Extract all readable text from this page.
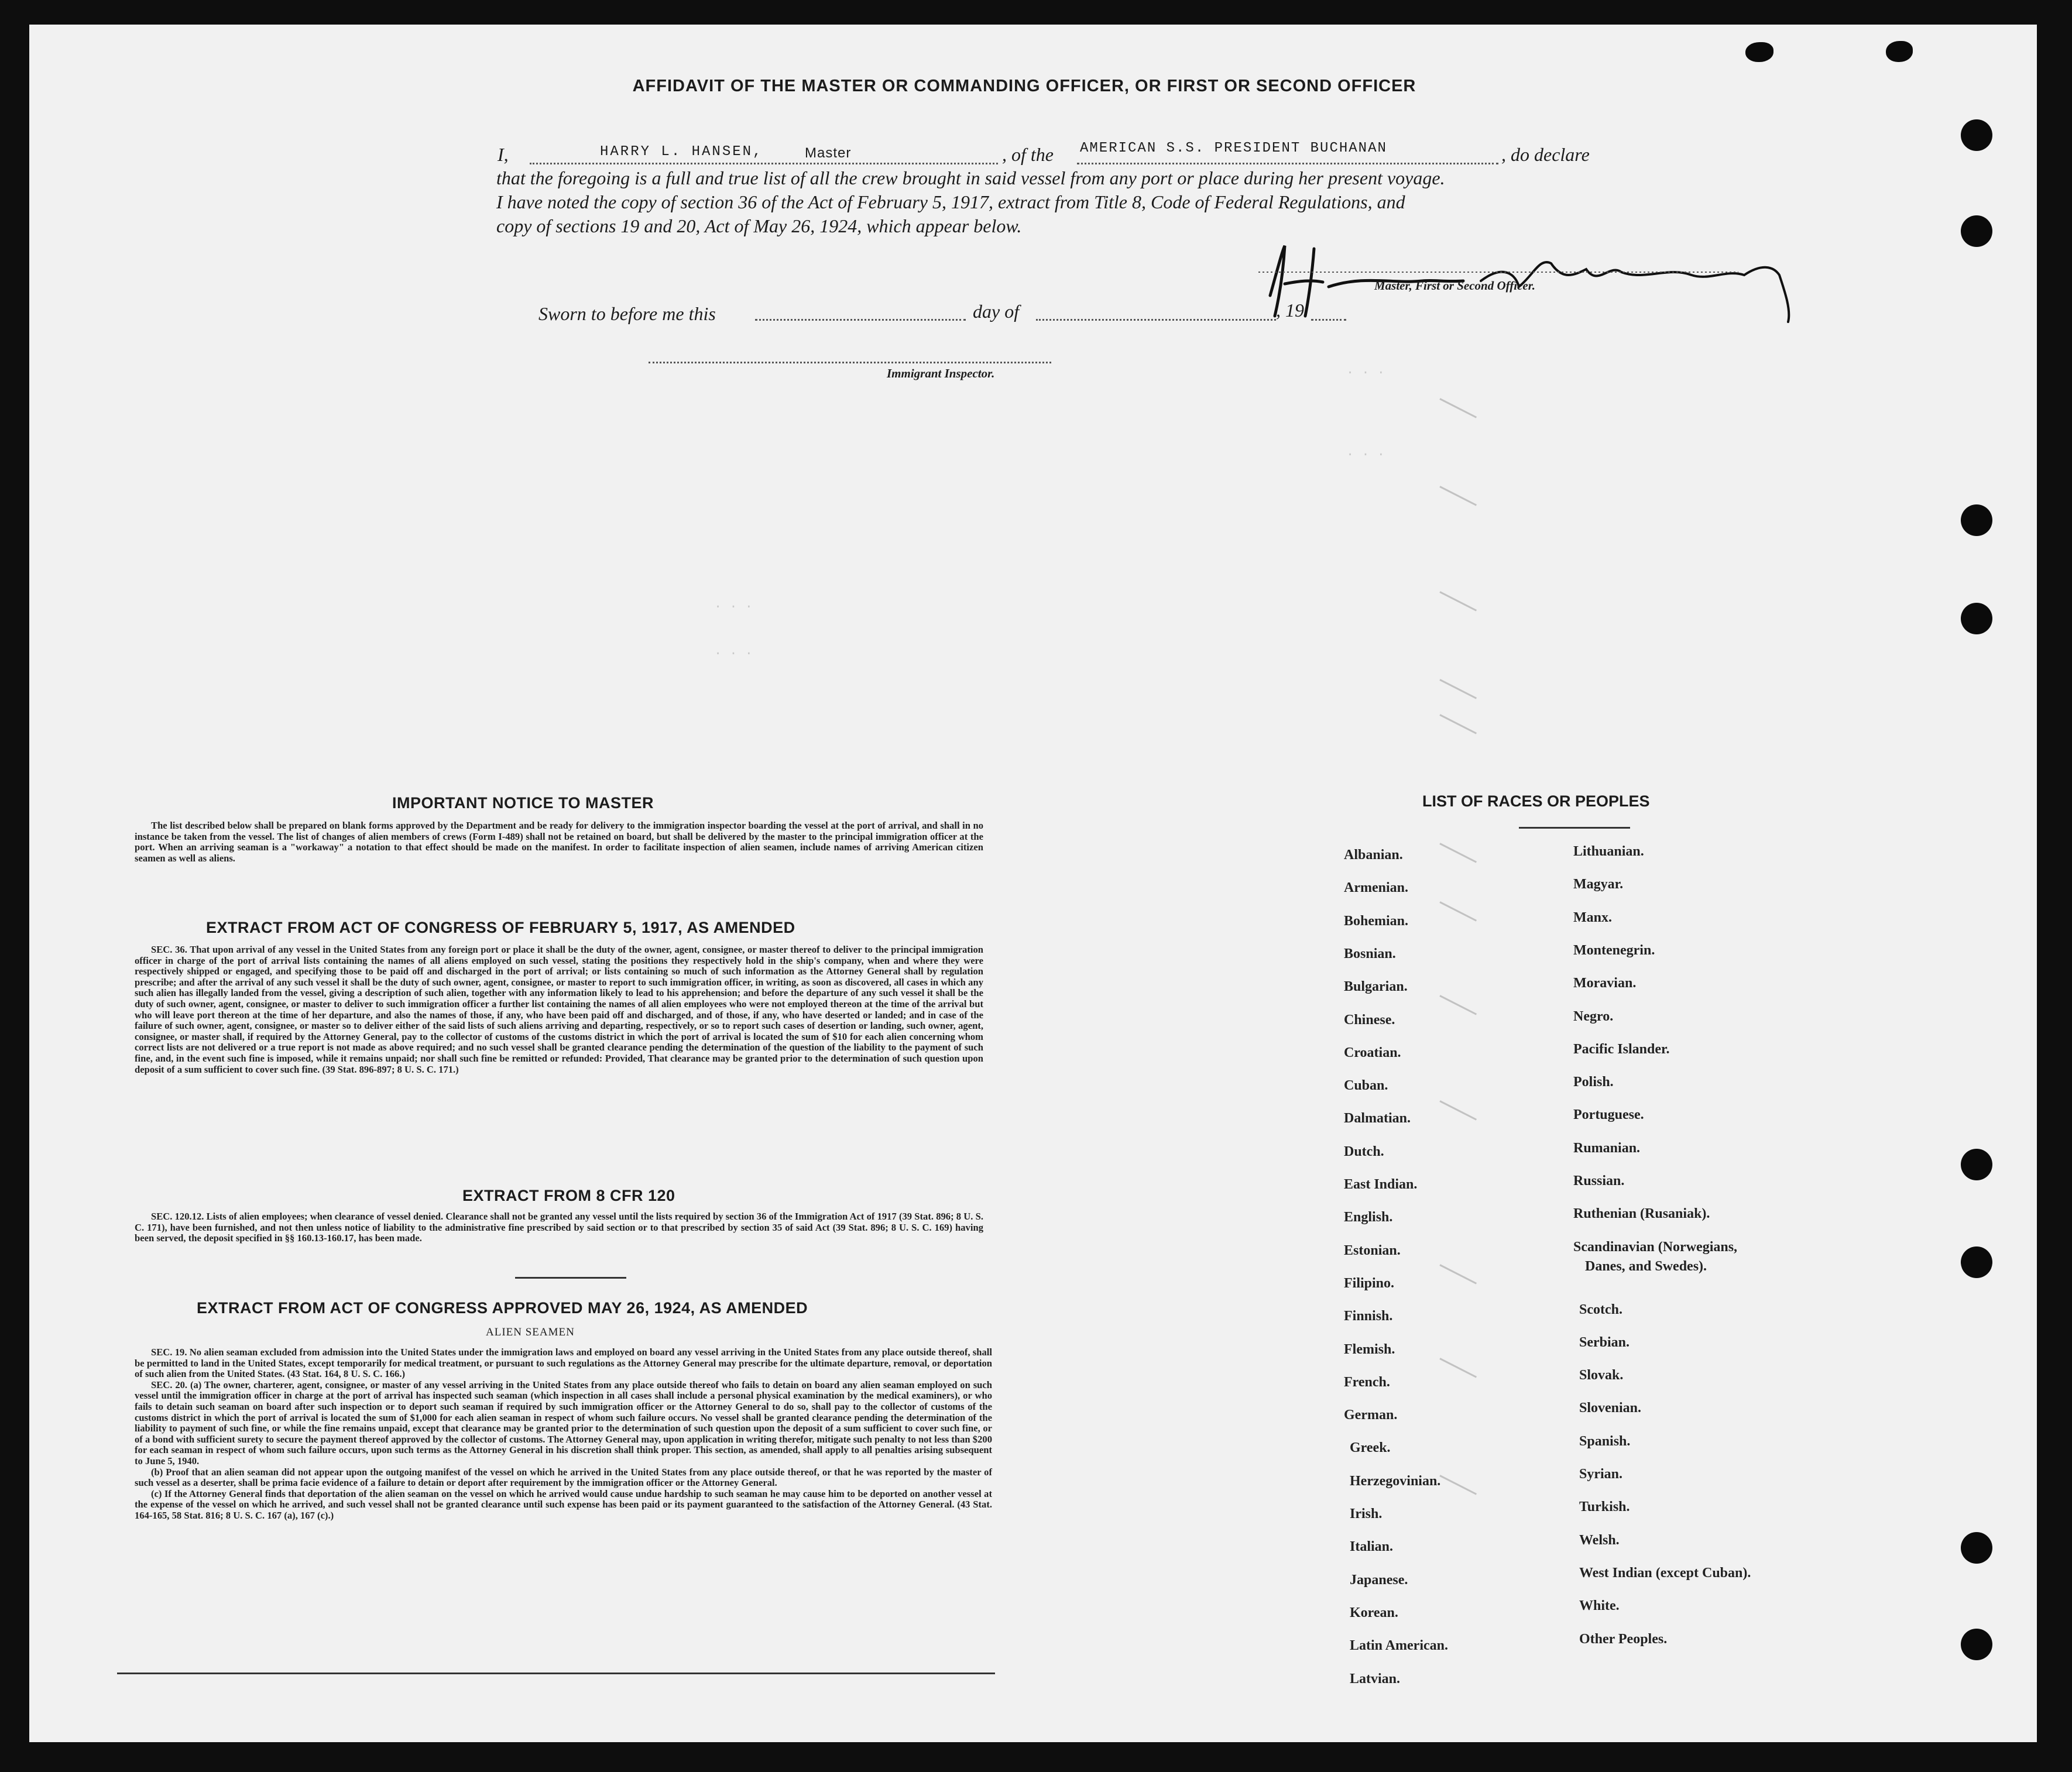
. . .
. . .
. . .
. . .
AFFIDAVIT OF THE MASTER OR COMMANDING OFFICER, OR FIRST OR SECOND OFFICER
I,	HARRY L. HANSEN,	Master	, of the AMERICAN S.S. PRESIDENT BUCHANAN	, do declare
that the foregoing is a full and true list of all the crew brought in said vessel from any port or place during her present voyage.
I have noted the copy of section 36 of the Act of February 5, 1917, extract from Title 8, Code of Federal Regulations, and
copy of sections 19 and 20, Act of May 26, 1924, which appear below.
Master, First or Second Officer.
Sworn to before me this	day of	, 19
Immigrant Inspector.
IMPORTANT NOTICE TO MASTER

The list described below shall be prepared on blank forms approved by the Department and be ready for delivery to the immigration inspector boarding the vessel at the port of arrival, and shall in no instance be taken from the vessel. The list of changes of alien members of crews (Form I-489) shall not be retained on board, but shall be delivered by the master to the principal immigration officer at the port. When an arriving seaman is a "workaway" a notation to that effect should be made on the manifest. In order to facilitate inspection of alien seamen, include names of arriving American citizen seamen as well as aliens.

EXTRACT FROM ACT OF CONGRESS OF FEBRUARY 5, 1917, AS AMENDED

SEC. 36. That upon arrival of any vessel in the United States from any foreign port or place it shall be the duty of the owner, agent, consignee, or master thereof to deliver to the principal immigration officer in charge of the port of arrival lists containing the names of all aliens employed on such vessel, stating the positions they respectively hold in the ship's company, when and where they were respectively shipped or engaged, and specifying those to be paid off and discharged in the port of arrival; or lists containing so much of such information as the Attorney General shall by regulation prescribe; and after the arrival of any such vessel it shall be the duty of such owner, agent, consignee, or master to report to such immigration officer, in writing, as soon as discovered, all cases in which any such alien has illegally landed from the vessel, giving a description of such alien, together with any information likely to lead to his apprehension; and before the departure of any such vessel it shall be the duty of such owner, agent, consignee, or master to deliver to such immigration officer a further list containing the names of all alien employees who were not employed thereon at the time of the arrival but who will leave port thereon at the time of her departure, and also the names of those, if any, who have been paid off and discharged, and of those, if any, who have deserted or landed; and in case of the failure of such owner, agent, consignee, or master so to deliver either of the said lists of such aliens arriving and departing, respectively, or so to report such cases of desertion or landing, such owner, agent, consignee, or master shall, if required by the Attorney General, pay to the collector of customs of the customs district in which the port of arrival is located the sum of $10 for each alien concerning whom correct lists are not delivered or a true report is not made as above required; and no such vessel shall be granted clearance pending the determination of the question of the liability to the payment of such fine, and, in the event such fine is imposed, while it remains unpaid; nor shall such fine be remitted or refunded: Provided, That clearance may be granted prior to the determination of such question upon deposit of a sum sufficient to cover such fine. (39 Stat. 896-897; 8 U. S. C. 171.)

EXTRACT FROM 8 CFR 120

SEC. 120.12. Lists of alien employees; when clearance of vessel denied. Clearance shall not be granted any vessel until the lists required by section 36 of the Immigration Act of 1917 (39 Stat. 896; 8 U. S. C. 171), have been furnished, and not then unless notice of liability to the administrative fine prescribed by said section or to that prescribed by section 35 of said Act (39 Stat. 896; 8 U. S. C. 169) having been served, the deposit specified in §§ 160.13-160.17, has been made.

EXTRACT FROM ACT OF CONGRESS APPROVED MAY 26, 1924, AS AMENDED
ALIEN SEAMEN

SEC. 19. No alien seaman excluded from admission into the United States under the immigration laws and employed on board any vessel arriving in the United States from any place outside thereof, shall be permitted to land in the United States, except temporarily for medical treatment, or pursuant to such regulations as the Attorney General may prescribe for the ultimate departure, removal, or deportation of such alien from the United States. (43 Stat. 164, 8 U. S. C. 166.)

SEC. 20. (a) The owner, charterer, agent, consignee, or master of any vessel arriving in the United States from any place outside thereof who fails to detain on board any alien seaman employed on such vessel until the immigration officer in charge at the port of arrival has inspected such seaman (which inspection in all cases shall include a personal physical examination by the medical examiners), or who fails to detain such seaman on board after such inspection or to deport such seaman if required by such immigration officer or the Attorney General to do so, shall pay to the collector of customs of the customs district in which the port of arrival is located the sum of $1,000 for each alien seaman in respect of whom such failure occurs. No vessel shall be granted clearance pending the determination of the liability to payment of such fine, or while the fine remains unpaid, except that clearance may be granted prior to the determination of such question upon the deposit of a sum sufficient to cover such fine, or of a bond with sufficient surety to secure the payment thereof approved by the collector of customs. The Attorney General may, upon application in writing therefor, mitigate such penalty to not less than $200 for each seaman in respect of whom such failure occurs, upon such terms as the Attorney General in his discretion shall think proper. This section, as amended, shall apply to all penalties arising subsequent to June 5, 1940.

(b) Proof that an alien seaman did not appear upon the outgoing manifest of the vessel on which he arrived in the United States from any place outside thereof, or that he was reported by the master of such vessel as a deserter, shall be prima facie evidence of a failure to detain or deport after requirement by the immigration officer or the Attorney General.

(c) If the Attorney General finds that deportation of the alien seaman on the vessel on which he arrived would cause undue hardship to such seaman he may cause him to be deported on another vessel at the expense of the vessel on which he arrived, and such vessel shall not be granted clearance until such expense has been paid or its payment guaranteed to the satisfaction of the Attorney General. (43 Stat. 164-165, 58 Stat. 816; 8 U. S. C. 167 (a), 167 (c).)

LIST OF RACES OR PEOPLES
Albanian.
Armenian.
Bohemian.
Bosnian.
Bulgarian.
Chinese.
Croatian.
Cuban.
Dalmatian.
Dutch.
East Indian.
English.
Estonian.
Filipino.
Finnish.
Flemish.
French.
German.
Greek.
Herzegovinian.
Irish.
Italian.
Japanese.
Korean.
Latin American.
Latvian.
Lithuanian.
Magyar.
Manx.
Montenegrin.
Moravian.
Negro.
Pacific Islander.
Polish.
Portuguese.
Rumanian.
Russian.
Ruthenian (Rusaniak).
Scandinavian (Norwegians,
Danes, and Swedes).
Scotch.
Serbian.
Slovak.
Slovenian.
Spanish.
Syrian.
Turkish.
Welsh.
West Indian (except Cuban).
White.
Other Peoples.
